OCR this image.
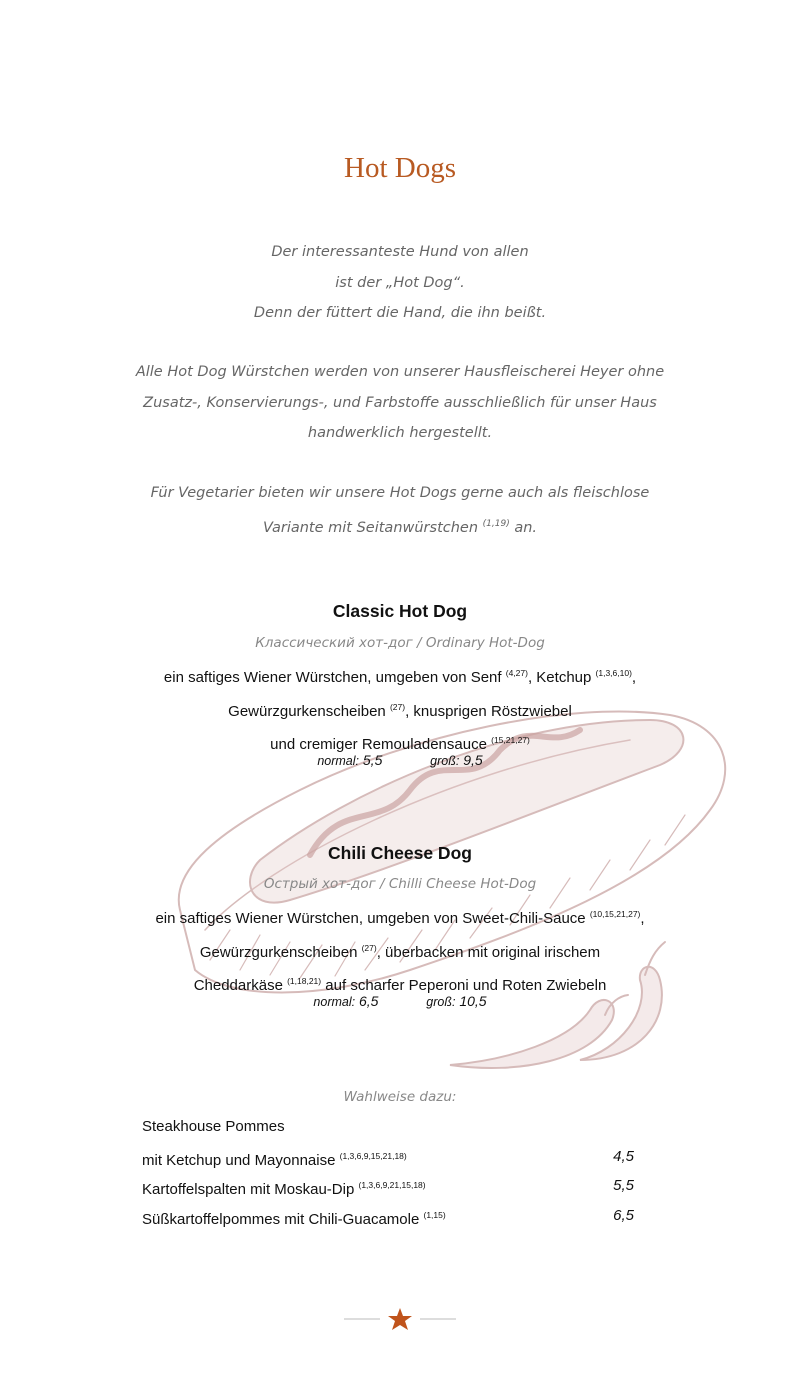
Hot Dogs

Der interessanteste Hund von allen

ist der „Hot Dog“.

Denn der füttert die Hand, die ihn beißt.

Alle Hot Dog Würstchen werden von unserer Hausfleischerei Heyer ohne

Zusatz-, Konservierungs-, und Farbstoffe ausschließlich für unser Haus

handwerklich hergestellt.

Für Vegetarier bieten wir unsere Hot Dogs gerne auch als fleischlose

Variante mit Seitanwürstchen $^{(1,19)}$ an.

Classic Hot Dog
Классический хот-дог / Ordinary Hot-Dog

ein saftiges Wiener Würstchen, umgeben von Senf $^{(4,27)}$, Ketchup $^{(1,3,6,10)}$,

Gewürzgurkenscheiben $^{(27)}$, knusprigen Röstzwiebel

und cremiger Remouladensauce $^{(15,21,27)}$

normal: 5,5	groß: 9,5
Chili Cheese Dog
Острый хот-дог / Chilli Cheese Hot-Dog

ein saftiges Wiener Würstchen, umgeben von Sweet-Chili-Sauce $^{(10,15,21,27)}$,

Gewürzgurkenscheiben $^{(27)}$, überbacken mit original irischem

Cheddarkäse $^{(1,18,21)}$ auf scharfer Peperoni und Roten Zwiebeln

normal: 6,5	groß: 10,5
Wahlweise dazu:
Steakhouse Pommes
mit Ketchup und Mayonnaise $^{(1,3,6,9,15,21,18)}$	4,5
Kartoffelspalten mit Moskau-Dip $^{(1,3,6,9,21,15,18)}$	5,5
Süßkartoffelpommes mit Chili-Guacamole $^{(1,15)}$	6,5
